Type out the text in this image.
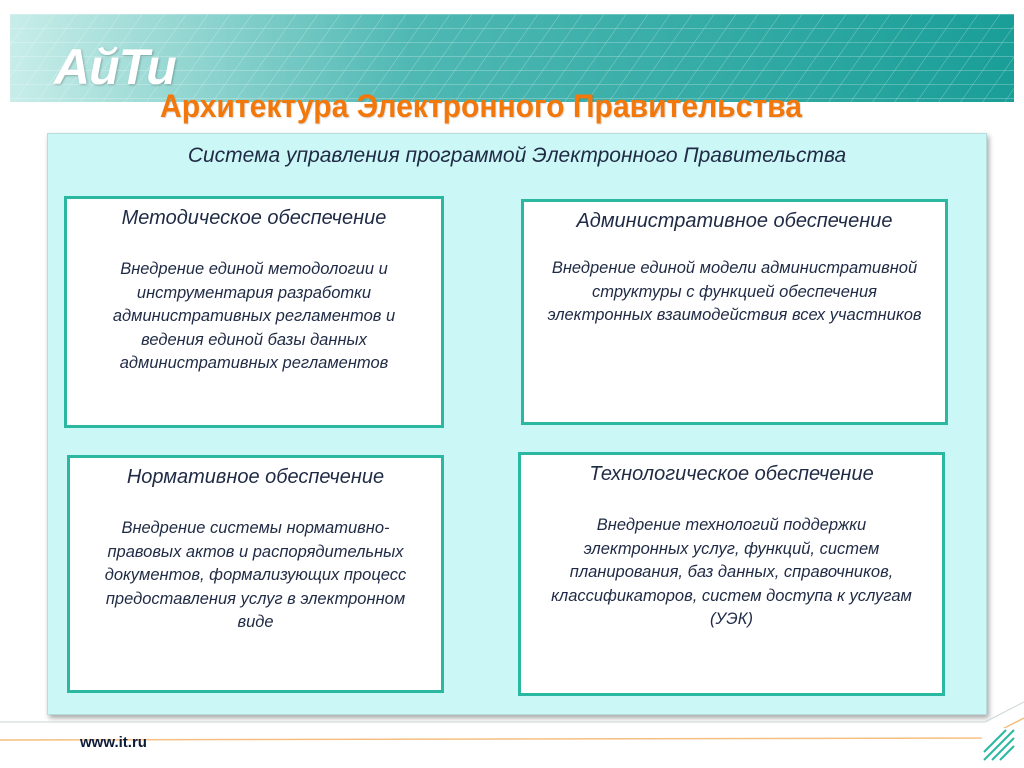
АйТи
Архитектура Электронного Правительства
Система управления программой Электронного Правительства
Методическое обеспечение
Внедрение единой методологии и инструментария разработки административных регламентов и ведения единой базы данных административных регламентов
Административное обеспечение
Внедрение единой модели административной структуры с функцией обеспечения электронных взаимодействия всех участников
Нормативное обеспечение
Внедрение системы нормативно-правовых актов и распорядительных документов, формализующих процесс предоставления услуг в электронном виде
Технологическое обеспечение
Внедрение технологий поддержки электронных услуг, функций, систем планирования, баз данных, справочников, классификаторов, систем доступа к услугам (УЭК)
www.it.ru
